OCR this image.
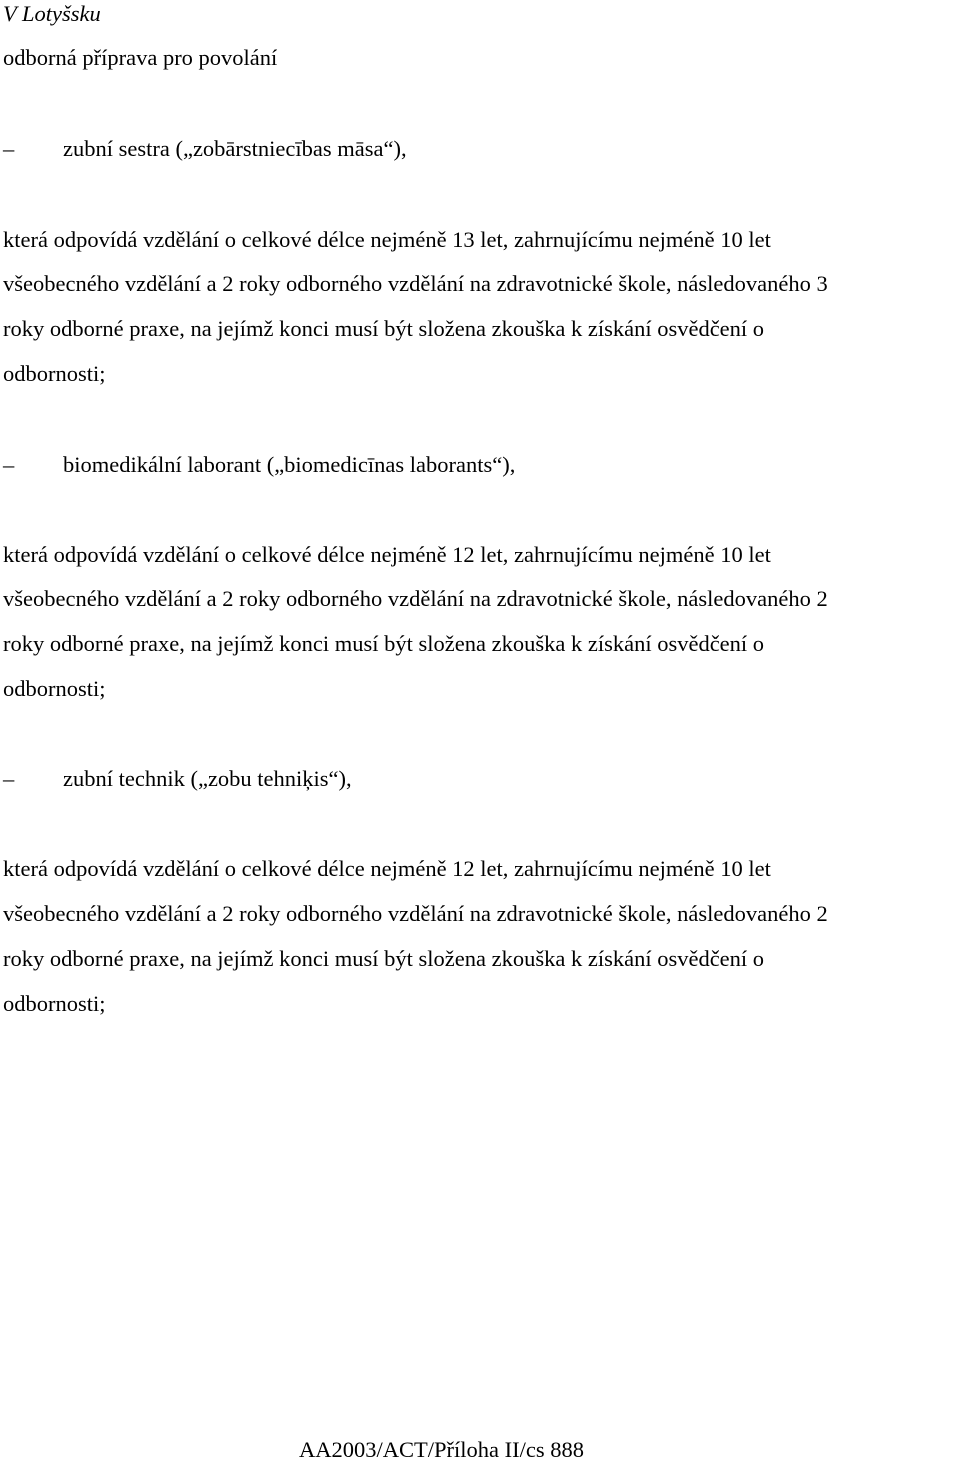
V Lotyšsku
odborná příprava pro povolání
– zubní sestra („zobārstniecības māsa“),
která odpovídá vzdělání o celkové délce nejméně 13 let, zahrnujícímu nejméně 10 let
všeobecného vzdělání a 2 roky odborného vzdělání na zdravotnické škole, následovaného 3
roky odborné praxe, na jejímž konci musí být složena zkouška k získání osvědčení o
odbornosti;
– biomedikální laborant („biomedicīnas laborants“),
která odpovídá vzdělání o celkové délce nejméně 12 let, zahrnujícímu nejméně 10 let
všeobecného vzdělání a 2 roky odborného vzdělání na zdravotnické škole, následovaného 2
roky odborné praxe, na jejímž konci musí být složena zkouška k získání osvědčení o
odbornosti;
– zubní technik („zobu tehniķis“),
která odpovídá vzdělání o celkové délce nejméně 12 let, zahrnujícímu nejméně 10 let
všeobecného vzdělání a 2 roky odborného vzdělání na zdravotnické škole, následovaného 2
roky odborné praxe, na jejímž konci musí být složena zkouška k získání osvědčení o
odbornosti;
AA2003/ACT/Příloha II/cs 888
